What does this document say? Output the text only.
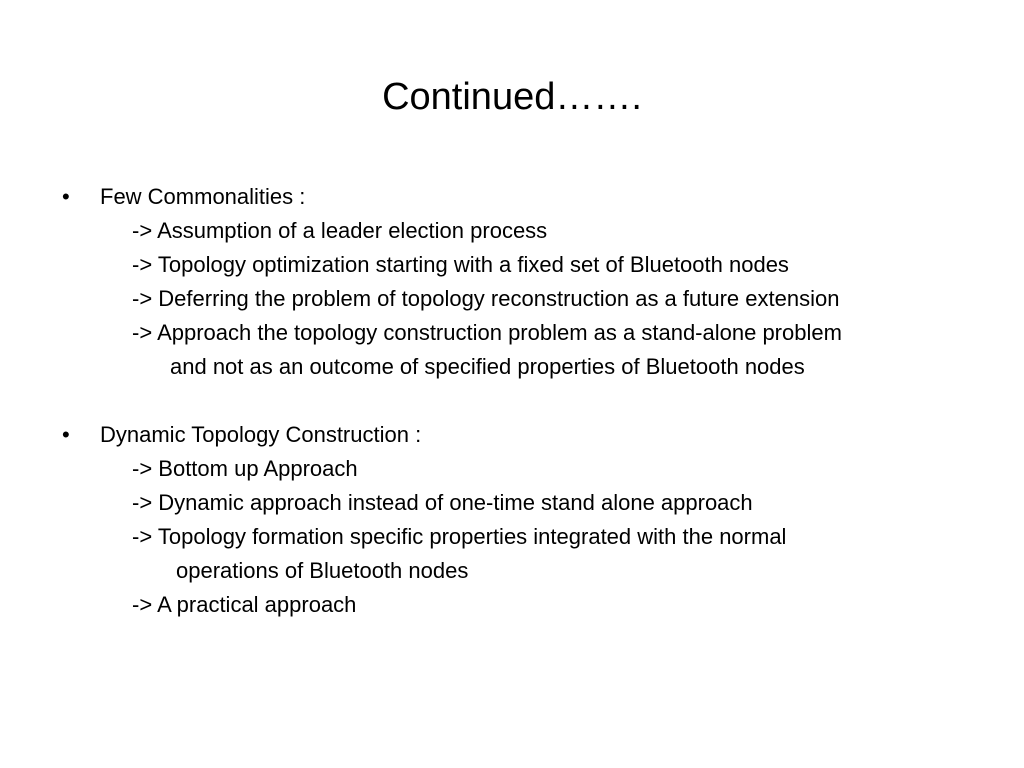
Continued…….
• Few Commonalities :
-> Assumption of a leader election process
-> Topology optimization starting with a fixed set of Bluetooth nodes
-> Deferring the problem of topology reconstruction as a future extension
-> Approach the topology construction problem as a stand-alone problem
and not as an outcome of specified properties of Bluetooth nodes
• Dynamic Topology Construction :
-> Bottom up Approach
-> Dynamic approach instead of one-time stand alone approach
-> Topology formation specific properties integrated with the normal
operations of Bluetooth nodes
-> A practical approach
